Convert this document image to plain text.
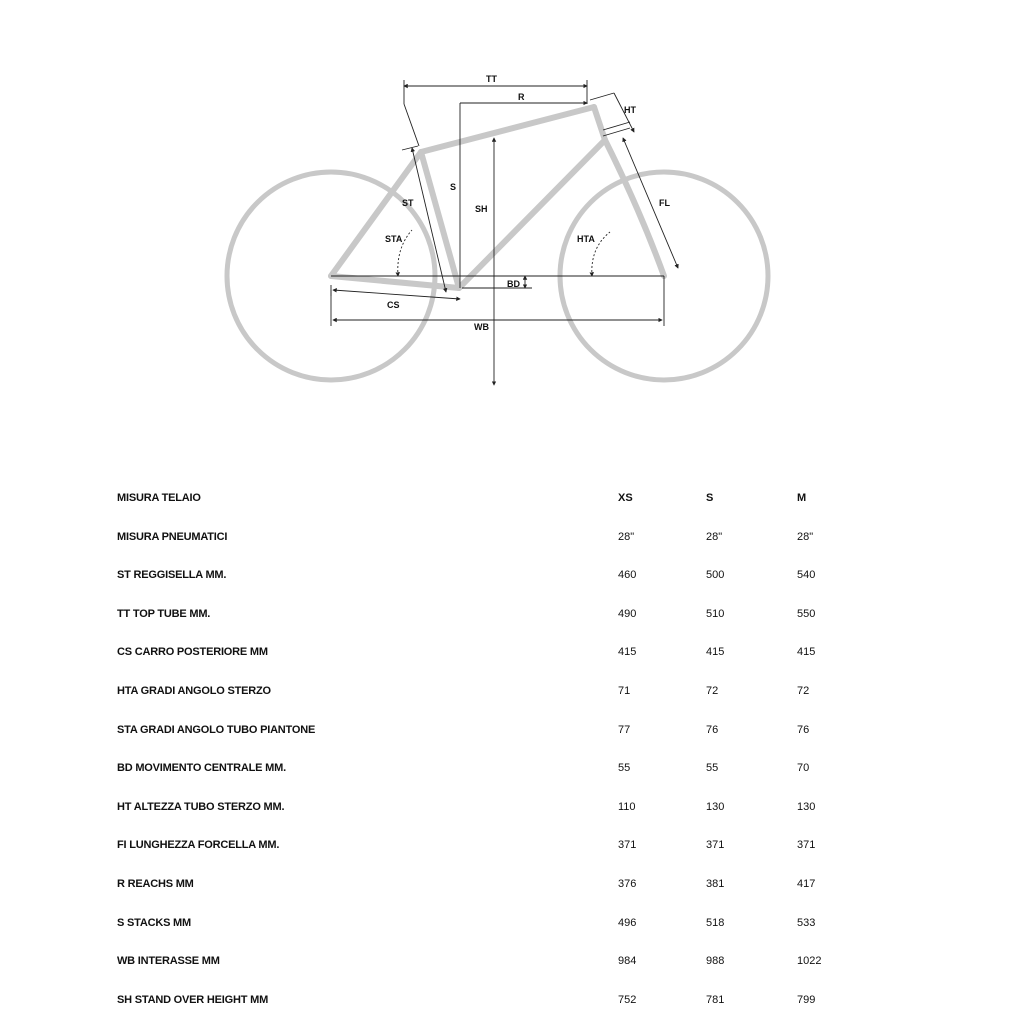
TT
R
HT
S
SH
ST
STA
FL
HTA
BD
CS
WB
MISURA TELAIO	XS	S	M
MISURA PNEUMATICI	28"	28"	28"
ST REGGISELLA MM.	460	500	540
TT TOP TUBE MM.	490	510	550
CS CARRO POSTERIORE MM	415	415	415
HTA GRADI ANGOLO STERZO	71	72	72
STA GRADI ANGOLO TUBO PIANTONE	77	76	76
BD MOVIMENTO CENTRALE MM.	55	55	70
HT ALTEZZA TUBO STERZO MM.	110	130	130
FI LUNGHEZZA FORCELLA MM.	371	371	371
R REACHS MM	376	381	417
S STACKS MM	496	518	533
WB INTERASSE MM	984	988	1022
SH STAND OVER HEIGHT MM	752	781	799
